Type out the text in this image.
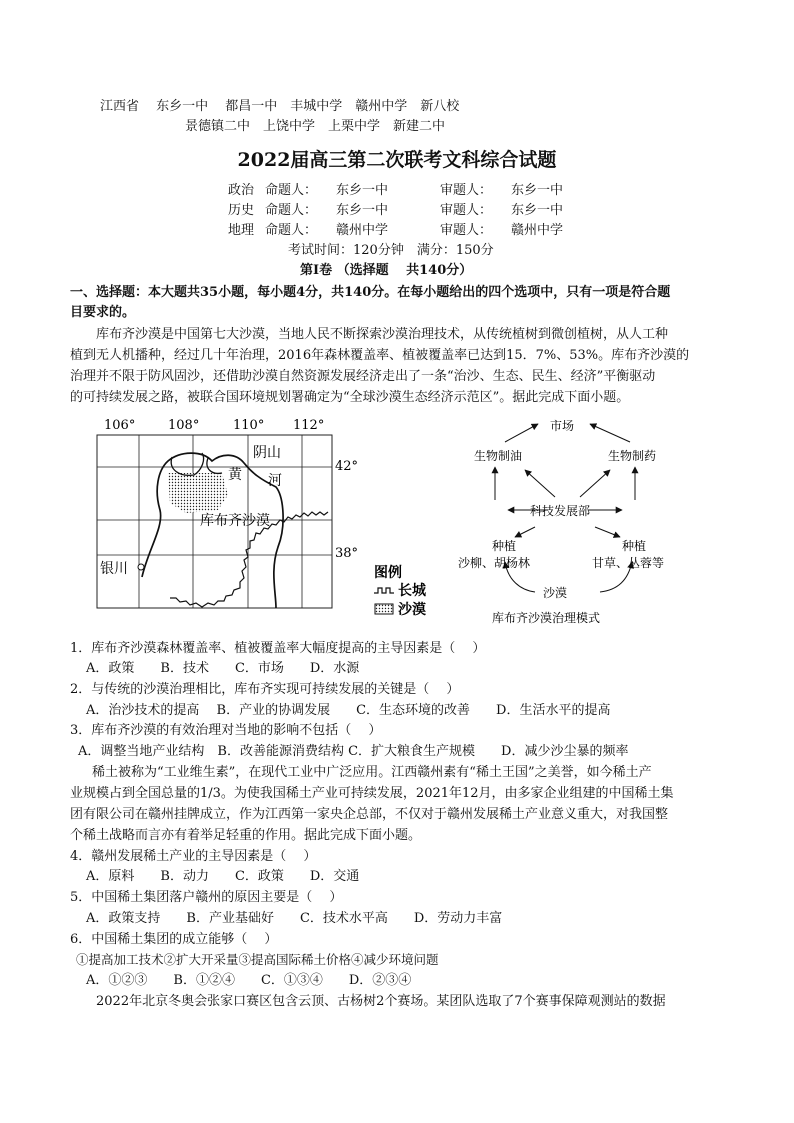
江西省　 东乡一中 　都昌一中　丰城中学　赣州中学　新八校
景德镇二中　上饶中学　上栗中学　新建二中
2022届高三第二次联考文科综合试题
政治 命题人： 东乡一中	审题人： 东乡一中
历史 命题人： 东乡一中	审题人： 东乡一中
地理 命题人： 赣州中学	审题人： 赣州中学
考试时间：120分钟　满分：150分
第Ⅰ卷 （选择题　 共140分）
一、选择题：本大题共35小题，每小题4分，共140分。在每小题给出的四个选项中，只有一项是符合题
目要求的。
库布齐沙漠是中国第七大沙漠，当地人民不断探索沙漠治理技术，从传统植树到微创植树，从人工种
植到无人机播种，经过几十年治理，2016年森林覆盖率、植被覆盖率已达到15．7%、53%。库布齐沙漠的
治理并不限于防风固沙，还借助沙漠自然资源发展经济走出了一条“治沙、生态、民生、经济”平衡驱动
的可持续发展之路，被联合国环境规划署确定为“全球沙漠生态经济示范区”。据此完成下面小题。
106°	108°	110° 112°
42°
38°
阴山
黄 河
库布齐沙漠
银川	图例
长城
沙漠
市场
生物制油	生物制药
科技发展部
种植
沙柳、胡杨林
种植
甘草、丛蓉等
沙漠
库布齐沙漠治理模式
1．库布齐沙漠森林覆盖率、植被覆盖率大幅度提高的主导因素是（　 ）
A．政策　　B．技术　　C．市场　　D．水源
2．与传统的沙漠治理相比，库布齐实现可持续发展的关键是（　 ）
A．治沙技术的提高　 B．产业的协调发展　　C．生态环境的改善　　D．生活水平的提高
3．库布齐沙漠的有效治理对当地的影响不包括（　 ）
A．调整当地产业结构　B．改善能源消费结构 C．扩大粮食生产规模　　D．减少沙尘暴的频率
稀土被称为“工业维生素”，在现代工业中广泛应用。江西赣州素有“稀土王国”之美誉，如今稀土产
业规模占到全国总量的1/3。为使我国稀土产业可持续发展，2021年12月，由多家企业组建的中国稀土集
团有限公司在赣州挂牌成立，作为江西第一家央企总部，不仅对于赣州发展稀土产业意义重大，对我国整
个稀土战略而言亦有着举足轻重的作用。据此完成下面小题。
4．赣州发展稀土产业的主导因素是（　 ）
A．原料　　B．动力　　C．政策　　D．交通
5．中国稀土集团落户赣州的原因主要是（　 ）
A．政策支持　　B．产业基础好　　C．技术水平高　　D．劳动力丰富
6．中国稀土集团的成立能够（　 ）
①提高加工技术②扩大开采量③提高国际稀土价格④减少环境问题
A．①②③　　B．①②④　　C．①③④　　D．②③④
2022年北京冬奥会张家口赛区包含云顶、古杨树2个赛场。某团队选取了7个赛事保障观测站的数据
